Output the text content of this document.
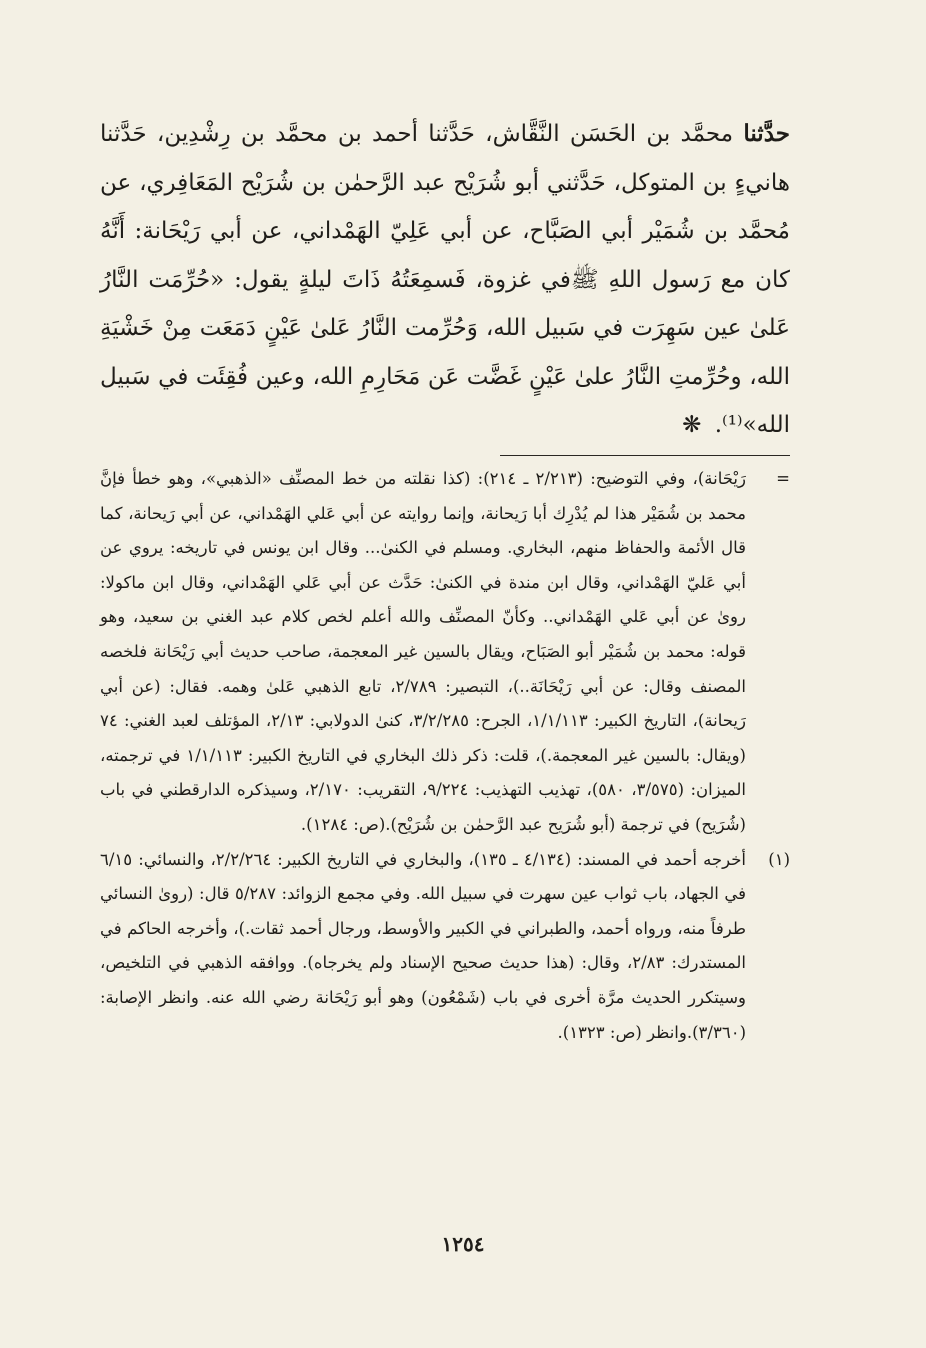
حدَّثنا محمَّد بن الحَسَن النَّقَّاش، حَدَّثنا أحمد بن محمَّد بن رِشْدِين، حَدَّثنا هانيءٍ بن المتوكل، حَدَّثني أبو شُرَيْح عبد الرَّحمٰن بن شُرَيْح المَعَافِري، عن مُحمَّد بن شُمَيْر أبي الصَبَّاح، عن أبي عَلِيّ الهَمْداني، عن أبي رَيْحَانة: أَنَّهُ كان مع رَسول اللهِ ﷺفي غزوة، فَسمِعَتُهُ ذَاتَ ليلةٍ يقول: «حُرِّمَت النَّارُ عَلىٰ عين سَهِرَت في سَبيل الله، وَحُرِّمت النَّارُ عَلىٰ عَيْنٍ دَمَعَت مِنْ خَشْيَةِ الله، وحُرِّمتِ النَّارُ علىٰ عَيْنٍ غَضَّت عَن مَحَارِمِ الله، وعين فُقِئَت في سَبيل الله»⁽¹⁾. ❋
=
رَيْحَانة)، وفي التوضيح: (٢/٢١٣ ـ ٢١٤): (كذا نقلته من خط المصنِّف «الذهبي»، وهو خطأ فإنَّ محمد بن شُمَيْر هذا لم يُدْرِك أبا رَيحانة، وإنما روايته عن أبي عَلي الهَمْداني، عن أبي رَيحانة، كما قال الأئمة والحفاظ منهم، البخاري. ومسلم في الكنىٰ... وقال ابن يونس في تاريخه: يروي عن أبي عَليّ الهَمْداني، وقال ابن مندة في الكنىٰ: حَدَّث عن أبي عَلي الهَمْداني، وقال ابن ماكولا: روىٰ عن أبي عَلي الهَمْداني.. وكأنّ المصنِّف والله أعلم لخص كلام عبد الغني بن سعيد، وهو قوله: محمد بن شُمَيْر أبو الصَبَاح، ويقال بالسين غير المعجمة، صاحب حديث أبي رَيْحَانة فلخصه المصنف وقال: عن أبي رَيْحَانَة..)، التبصير: ٢/٧٨٩، تابع الذهبي عَلىٰ وهمه. فقال: (عن أبي رَيحانة)، التاريخ الكبير: ١/١/١١٣، الجرح: ٣/٢/٢٨٥، كنىٰ الدولابي: ٢/١٣، المؤتلف لعبد الغني: ٧٤ (ويقال: بالسين غير المعجمة.)، قلت: ذكر ذلك البخاري في التاريخ الكبير: ١/١/١١٣ في ترجمته، الميزان: (٣/٥٧٥، ٥٨٠)، تهذيب التهذيب: ٩/٢٢٤، التقريب: ٢/١٧٠، وسيذكره الدارقطني في باب (شُرَيح) في ترجمة (أبو شُرَيح عبد الرَّحمٰن بن شُرَيْح).(ص: ١٢٨٤).
(١)
أخرجه أحمد في المسند: (٤/١٣٤ ـ ١٣٥)، والبخاري في التاريخ الكبير: ٢/٢/٢٦٤، والنسائي: ٦/١٥ في الجهاد، باب ثواب عين سهرت في سبيل الله. وفي مجمع الزوائد: ٥/٢٨٧ قال: (روىٰ النسائي طرفاً منه، ورواه أحمد، والطبراني في الكبير والأوسط، ورجال أحمد ثقات.)، وأخرجه الحاكم في المستدرك: ٢/٨٣، وقال: (هذا حديث صحيح الإسناد ولم يخرجاه). ووافقه الذهبي في التلخيص، وسيتكرر الحديث مرَّة أخرى في باب (شَمْعُون) وهو أبو رَيْحَانة رضي الله عنه. وانظر الإصابة: (٣/٣٦٠).وانظر (ص: ١٣٢٣).
١٢٥٤
